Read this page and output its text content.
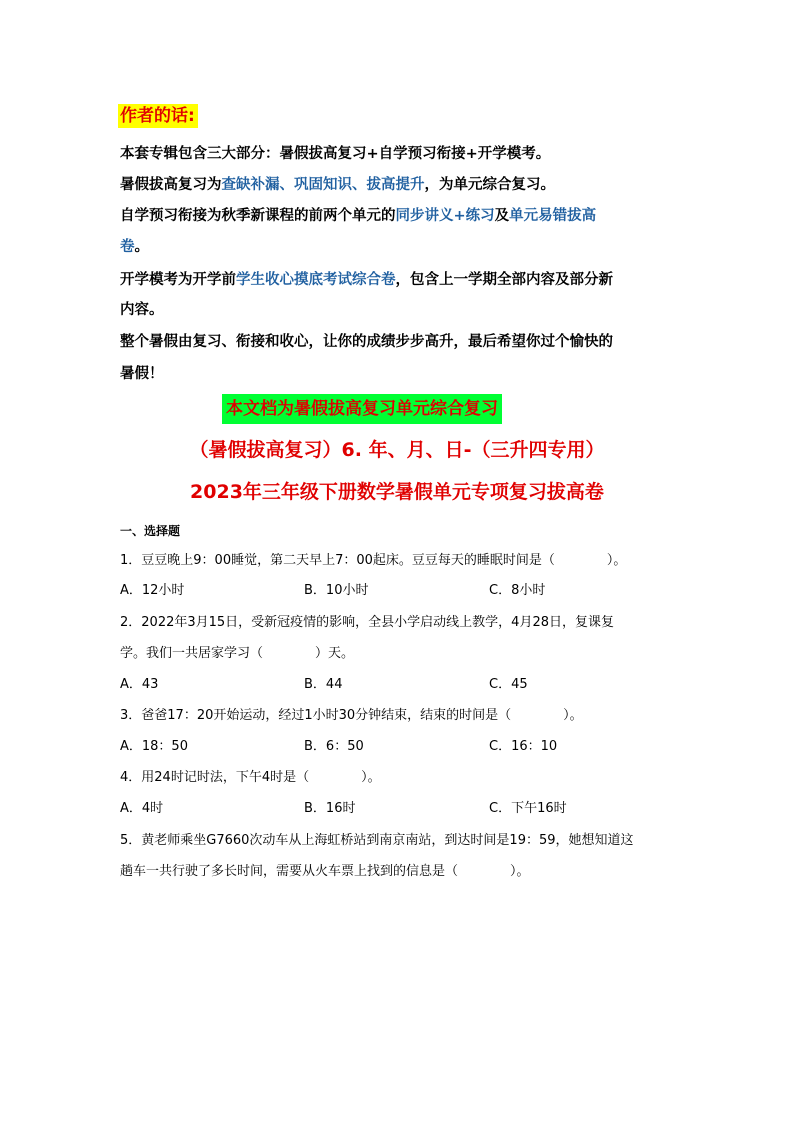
作者的话:
本套专辑包含三大部分：暑假拔高复习+自学预习衔接+开学模考。
暑假拔高复习为查缺补漏、巩固知识、拔高提升，为单元综合复习。
自学预习衔接为秋季新课程的前两个单元的同步讲义+练习及单元易错拔高
卷。
开学模考为开学前学生收心摸底考试综合卷，包含上一学期全部内容及部分新
内容。
整个暑假由复习、衔接和收心，让你的成绩步步高升，最后希望你过个愉快的
暑假！
本文档为暑假拔高复习单元综合复习
（暑假拔高复习）6. 年、月、日-（三升四专用）
2023年三年级下册数学暑假单元专项复习拔高卷
一、选择题
1．豆豆晚上9：00睡觉，第二天早上7：00起床。豆豆每天的睡眠时间是（　　　　）。
A．12小时	B．10小时	C．8小时
2．2022年3月15日，受新冠疫情的影响，全县小学启动线上教学，4月28日，复课复
学。我们一共居家学习（　　　　）天。
A．43	B．44	C．45
3．爸爸17：20开始运动，经过1小时30分钟结束，结束的时间是（　　　　）。
A．18：50	B．6：50	C．16：10
4．用24时记时法，下午4时是（　　　　）。
A．4时	B．16时	C．下午16时
5．黄老师乘坐G7660次动车从上海虹桥站到南京南站，到达时间是19：59，她想知道这
趟车一共行驶了多长时间，需要从火车票上找到的信息是（　　　　）。
